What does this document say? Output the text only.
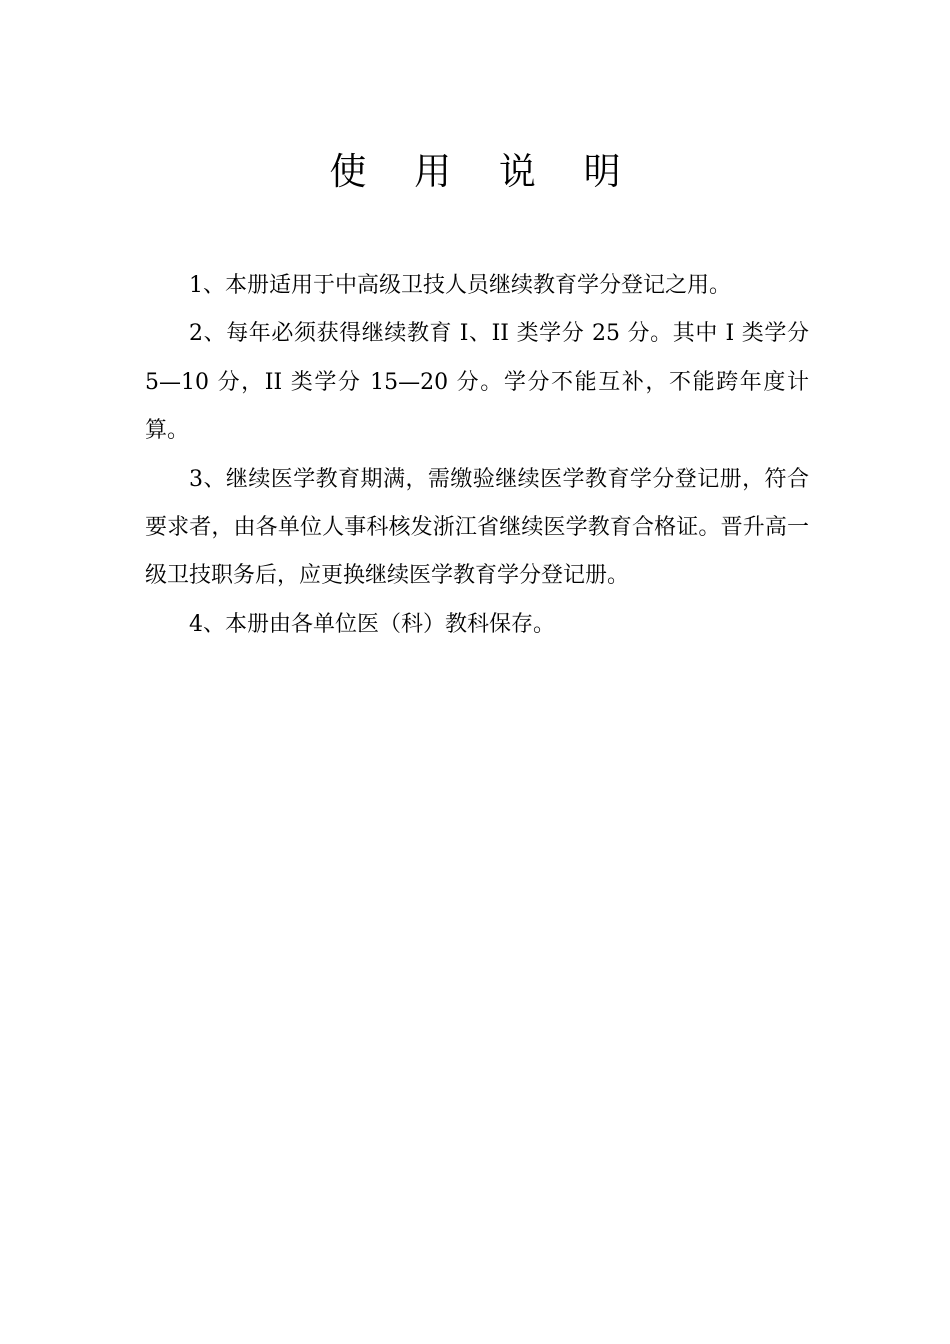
使 用 说 明

1、本册适用于中高级卫技人员继续教育学分登记之用。

2、每年必须获得继续教育 I、II 类学分 25 分。其中 I 类学分 5—10 分，II 类学分 15—20 分。学分不能互补，不能跨年度计算。

3、继续医学教育期满，需缴验继续医学教育学分登记册，符合要求者，由各单位人事科核发浙江省继续医学教育合格证。晋升高一级卫技职务后，应更换继续医学教育学分登记册。

4、本册由各单位医（科）教科保存。
